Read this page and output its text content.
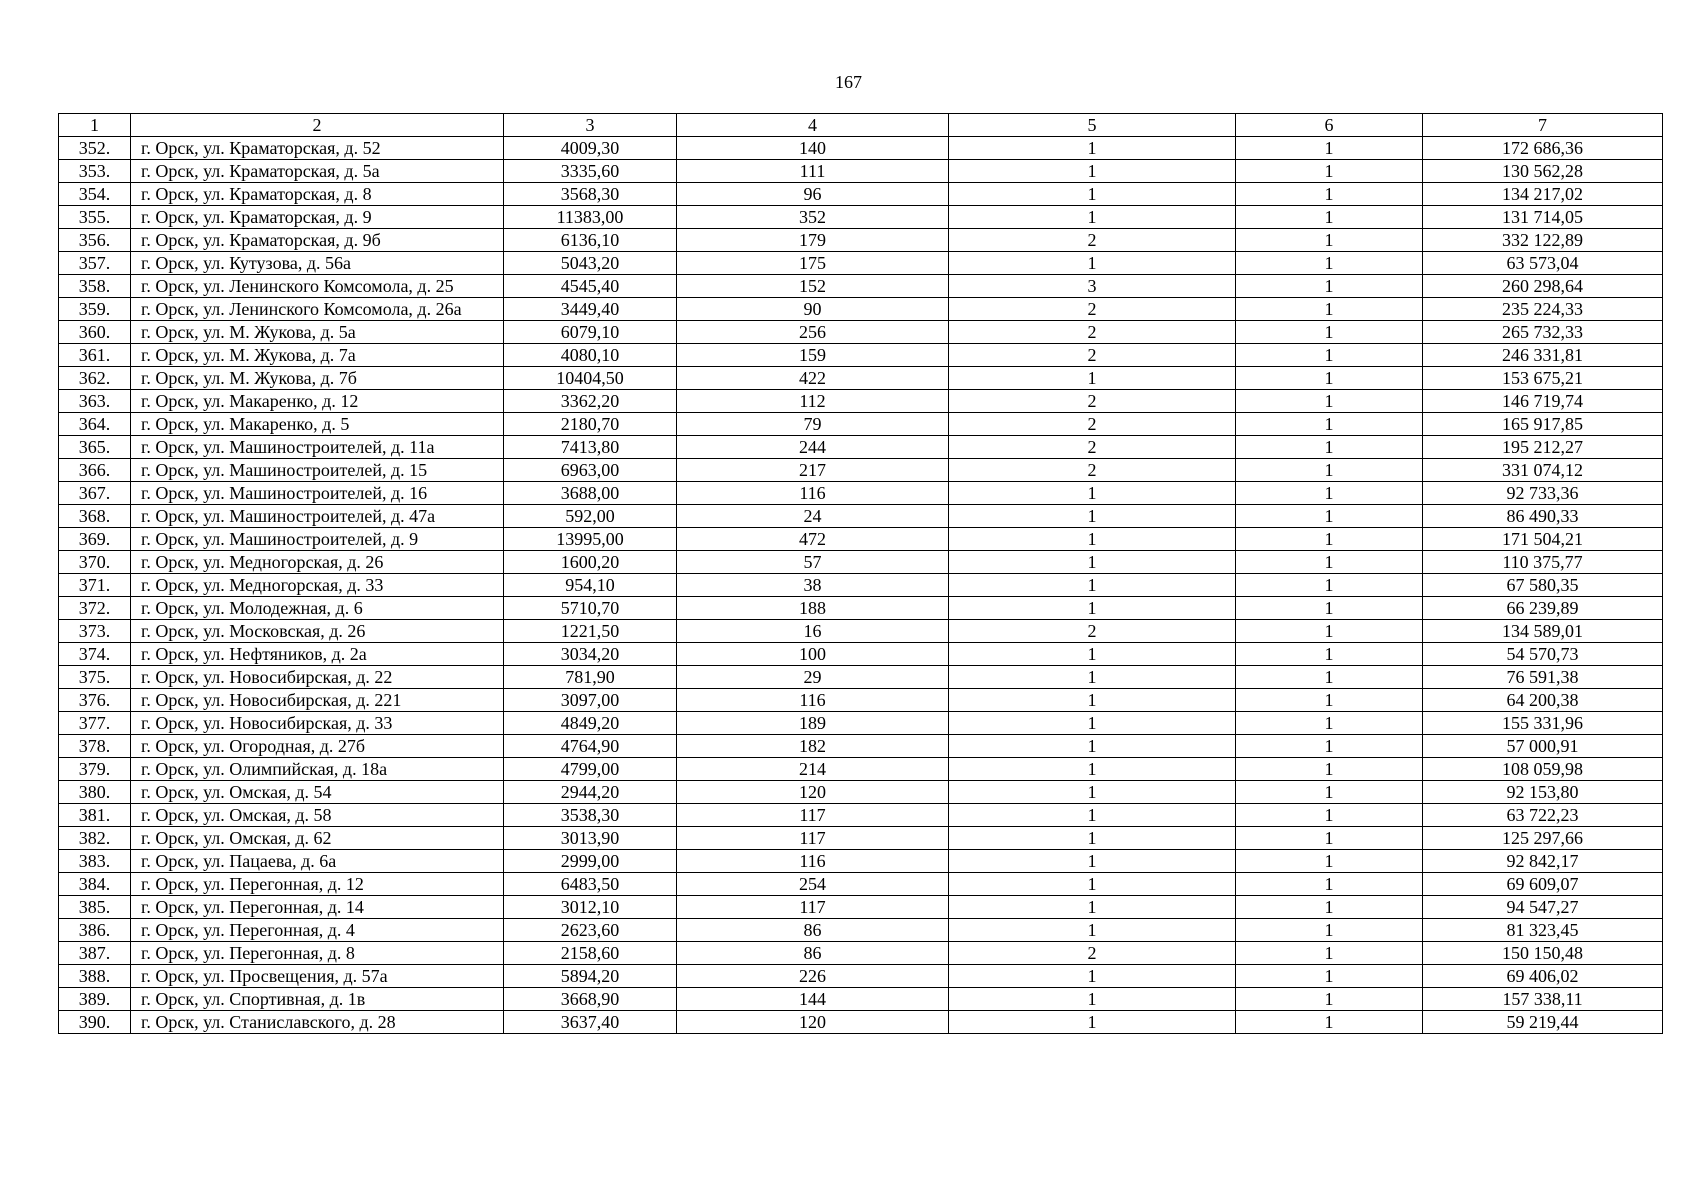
167
1	2	3	4	5	6	7
352.	г. Орск, ул. Краматорская, д. 52	4009,30	140	1	1	172 686,36
353.	г. Орск, ул. Краматорская, д. 5а	3335,60	111	1	1	130 562,28
354.	г. Орск, ул. Краматорская, д. 8	3568,30	96	1	1	134 217,02
355.	г. Орск, ул. Краматорская, д. 9	11383,00	352	1	1	131 714,05
356.	г. Орск, ул. Краматорская, д. 9б	6136,10	179	2	1	332 122,89
357.	г. Орск, ул. Кутузова, д. 56а	5043,20	175	1	1	63 573,04
358.	г. Орск, ул. Ленинского Комсомола, д. 25	4545,40	152	3	1	260 298,64
359.	г. Орск, ул. Ленинского Комсомола, д. 26а	3449,40	90	2	1	235 224,33
360.	г. Орск, ул. М. Жукова, д. 5а	6079,10	256	2	1	265 732,33
361.	г. Орск, ул. М. Жукова, д. 7а	4080,10	159	2	1	246 331,81
362.	г. Орск, ул. М. Жукова, д. 7б	10404,50	422	1	1	153 675,21
363.	г. Орск, ул. Макаренко, д. 12	3362,20	112	2	1	146 719,74
364.	г. Орск, ул. Макаренко, д. 5	2180,70	79	2	1	165 917,85
365.	г. Орск, ул. Машиностроителей, д. 11а	7413,80	244	2	1	195 212,27
366.	г. Орск, ул. Машиностроителей, д. 15	6963,00	217	2	1	331 074,12
367.	г. Орск, ул. Машиностроителей, д. 16	3688,00	116	1	1	92 733,36
368.	г. Орск, ул. Машиностроителей, д. 47а	592,00	24	1	1	86 490,33
369.	г. Орск, ул. Машиностроителей, д. 9	13995,00	472	1	1	171 504,21
370.	г. Орск, ул. Медногорская, д. 26	1600,20	57	1	1	110 375,77
371.	г. Орск, ул. Медногорская, д. 33	954,10	38	1	1	67 580,35
372.	г. Орск, ул. Молодежная, д. 6	5710,70	188	1	1	66 239,89
373.	г. Орск, ул. Московская, д. 26	1221,50	16	2	1	134 589,01
374.	г. Орск, ул. Нефтяников, д. 2а	3034,20	100	1	1	54 570,73
375.	г. Орск, ул. Новосибирская, д. 22	781,90	29	1	1	76 591,38
376.	г. Орск, ул. Новосибирская, д. 221	3097,00	116	1	1	64 200,38
377.	г. Орск, ул. Новосибирская, д. 33	4849,20	189	1	1	155 331,96
378.	г. Орск, ул. Огородная, д. 27б	4764,90	182	1	1	57 000,91
379.	г. Орск, ул. Олимпийская, д. 18а	4799,00	214	1	1	108 059,98
380.	г. Орск, ул. Омская, д. 54	2944,20	120	1	1	92 153,80
381.	г. Орск, ул. Омская, д. 58	3538,30	117	1	1	63 722,23
382.	г. Орск, ул. Омская, д. 62	3013,90	117	1	1	125 297,66
383.	г. Орск, ул. Пацаева, д. 6а	2999,00	116	1	1	92 842,17
384.	г. Орск, ул. Перегонная, д. 12	6483,50	254	1	1	69 609,07
385.	г. Орск, ул. Перегонная, д. 14	3012,10	117	1	1	94 547,27
386.	г. Орск, ул. Перегонная, д. 4	2623,60	86	1	1	81 323,45
387.	г. Орск, ул. Перегонная, д. 8	2158,60	86	2	1	150 150,48
388.	г. Орск, ул. Просвещения, д. 57а	5894,20	226	1	1	69 406,02
389.	г. Орск, ул. Спортивная, д. 1в	3668,90	144	1	1	157 338,11
390.	г. Орск, ул. Станиславского, д. 28	3637,40	120	1	1	59 219,44
